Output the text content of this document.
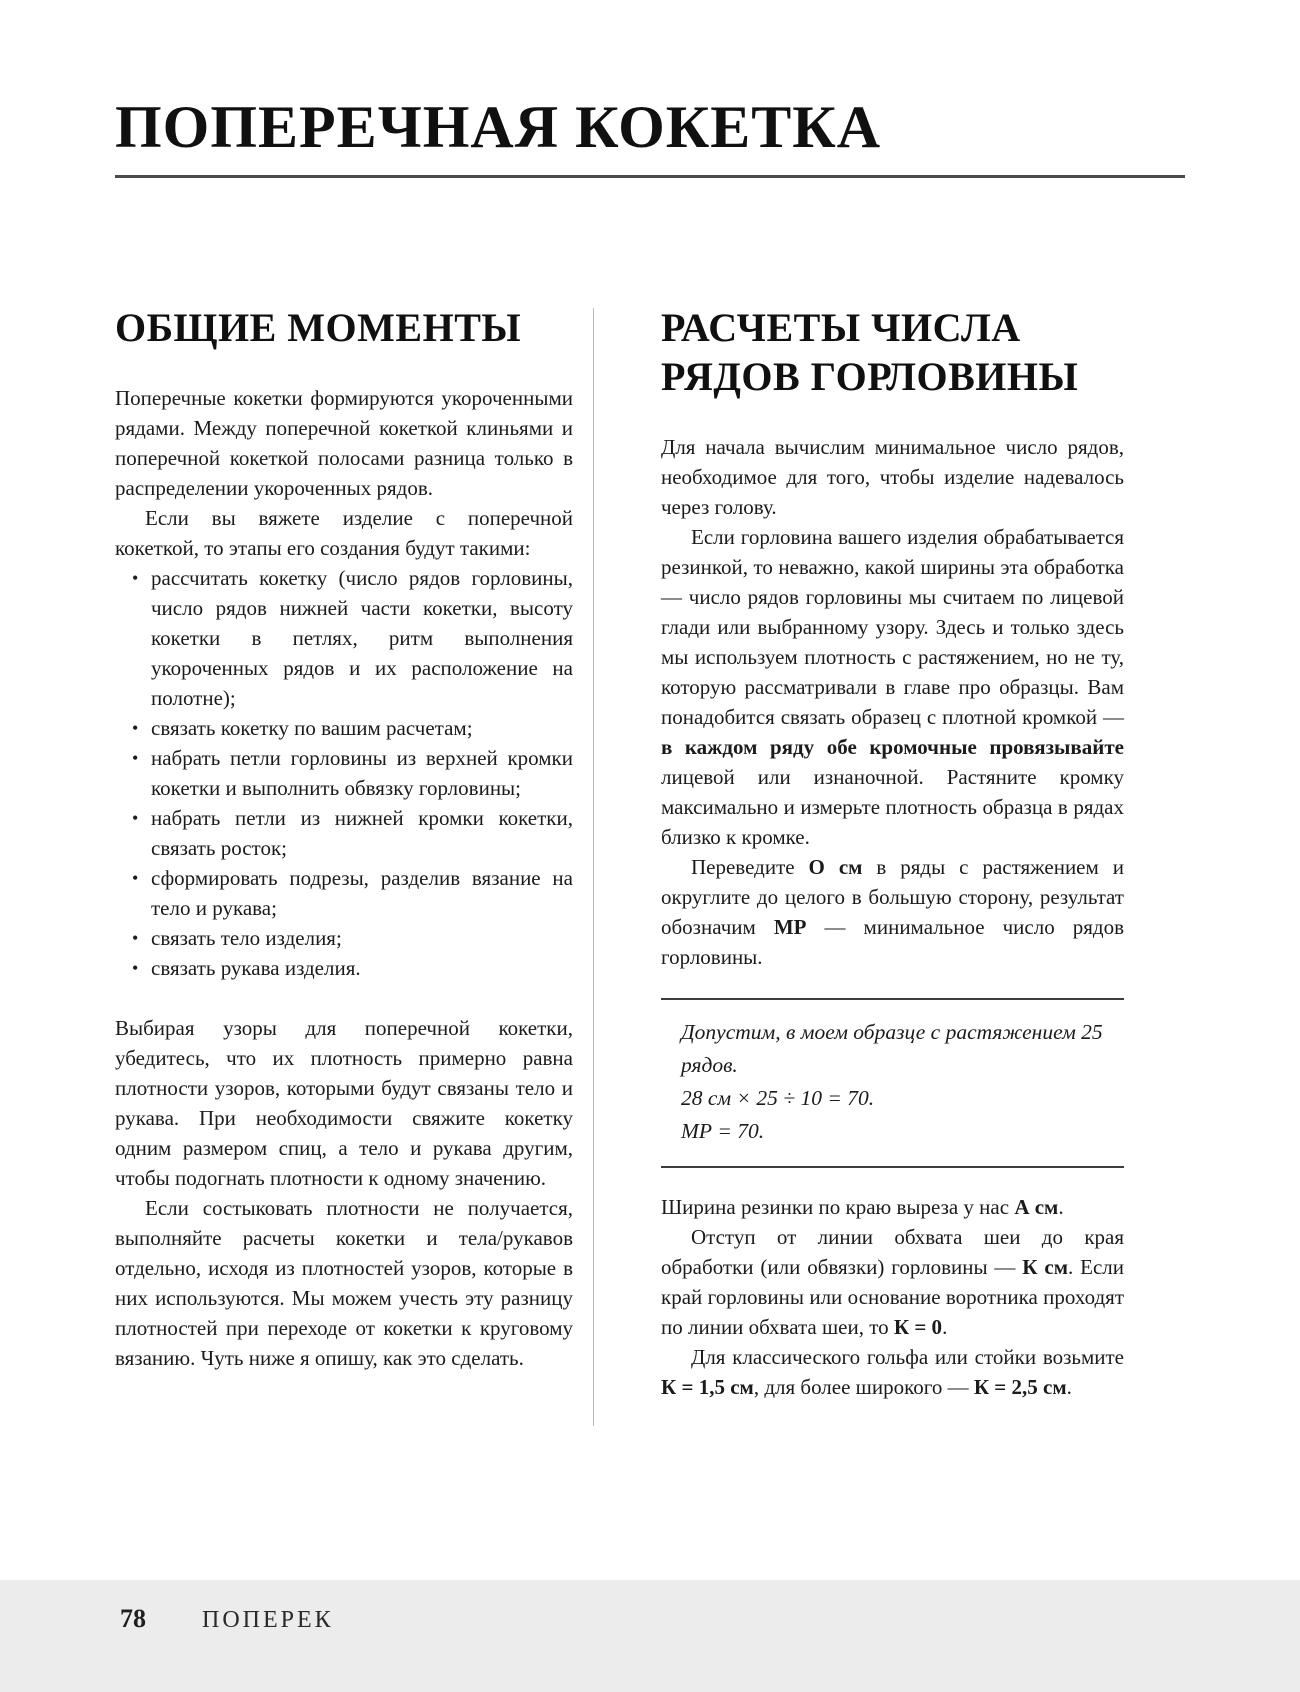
ПОПЕРЕЧНАЯ КОКЕТКА
ОБЩИЕ МОМЕНТЫ

Поперечные кокетки формируются укороченными рядами. Между поперечной кокеткой клиньями и поперечной кокеткой полосами разница только в распределении укороченных рядов.

Если вы вяжете изделие с поперечной кокеткой, то этапы его создания будут такими:

• рассчитать кокетку (число рядов горловины, число рядов нижней части кокетки, высоту кокетки в петлях, ритм выполнения укороченных рядов и их расположение на полотне);
• связать кокетку по вашим расчетам;
• набрать петли горловины из верхней кромки кокетки и выполнить обвязку горловины;
• набрать петли из нижней кромки кокетки, связать росток;
• сформировать подрезы, разделив вязание на тело и рукава;
• связать тело изделия;
• связать рукава изделия.

Выбирая узоры для поперечной кокетки, убедитесь, что их плотность примерно равна плотности узоров, которыми будут связаны тело и рукава. При необходимости свяжите кокетку одним размером спиц, а тело и рукава другим, чтобы подогнать плотности к одному значению.

Если состыковать плотности не получается, выполняйте расчеты кокетки и тела/рукавов отдельно, исходя из плотностей узоров, которые в них используются. Мы можем учесть эту разницу плотностей при переходе от кокетки к круговому вязанию. Чуть ниже я опишу, как это сделать.

РАСЧЕТЫ ЧИСЛА
РЯДОВ ГОРЛОВИНЫ

Для начала вычислим минимальное число рядов, необходимое для того, чтобы изделие надевалось через голову.

Если горловина вашего изделия обрабатывается резинкой, то неважно, какой ширины эта обработка — число рядов горловины мы считаем по лицевой глади или выбранному узору. Здесь и только здесь мы используем плотность с растяжением, но не ту, которую рассматривали в главе про образцы. Вам понадобится связать образец с плотной кромкой — в каждом ряду обе кромочные провязывайте лицевой или изнаночной. Растяните кромку максимально и измерьте плотность образца в рядах близко к кромке.

Переведите О см в ряды с растяжением и округлите до целого в большую сторону, результат обозначим МР — минимальное число рядов горловины.

Допустим, в моем образце с растяжением 25 рядов.
28 см × 25 ÷ 10 = 70.
МР = 70.

Ширина резинки по краю выреза у нас А см.

Отступ от линии обхвата шеи до края обработки (или обвязки) горловины — К см. Если край горловины или основание воротника проходят по линии обхвата шеи, то К = 0.

Для классического гольфа или стойки возьмите К = 1,5 см, для более широкого — К = 2,5 см.

78 ПОПЕРЕК
